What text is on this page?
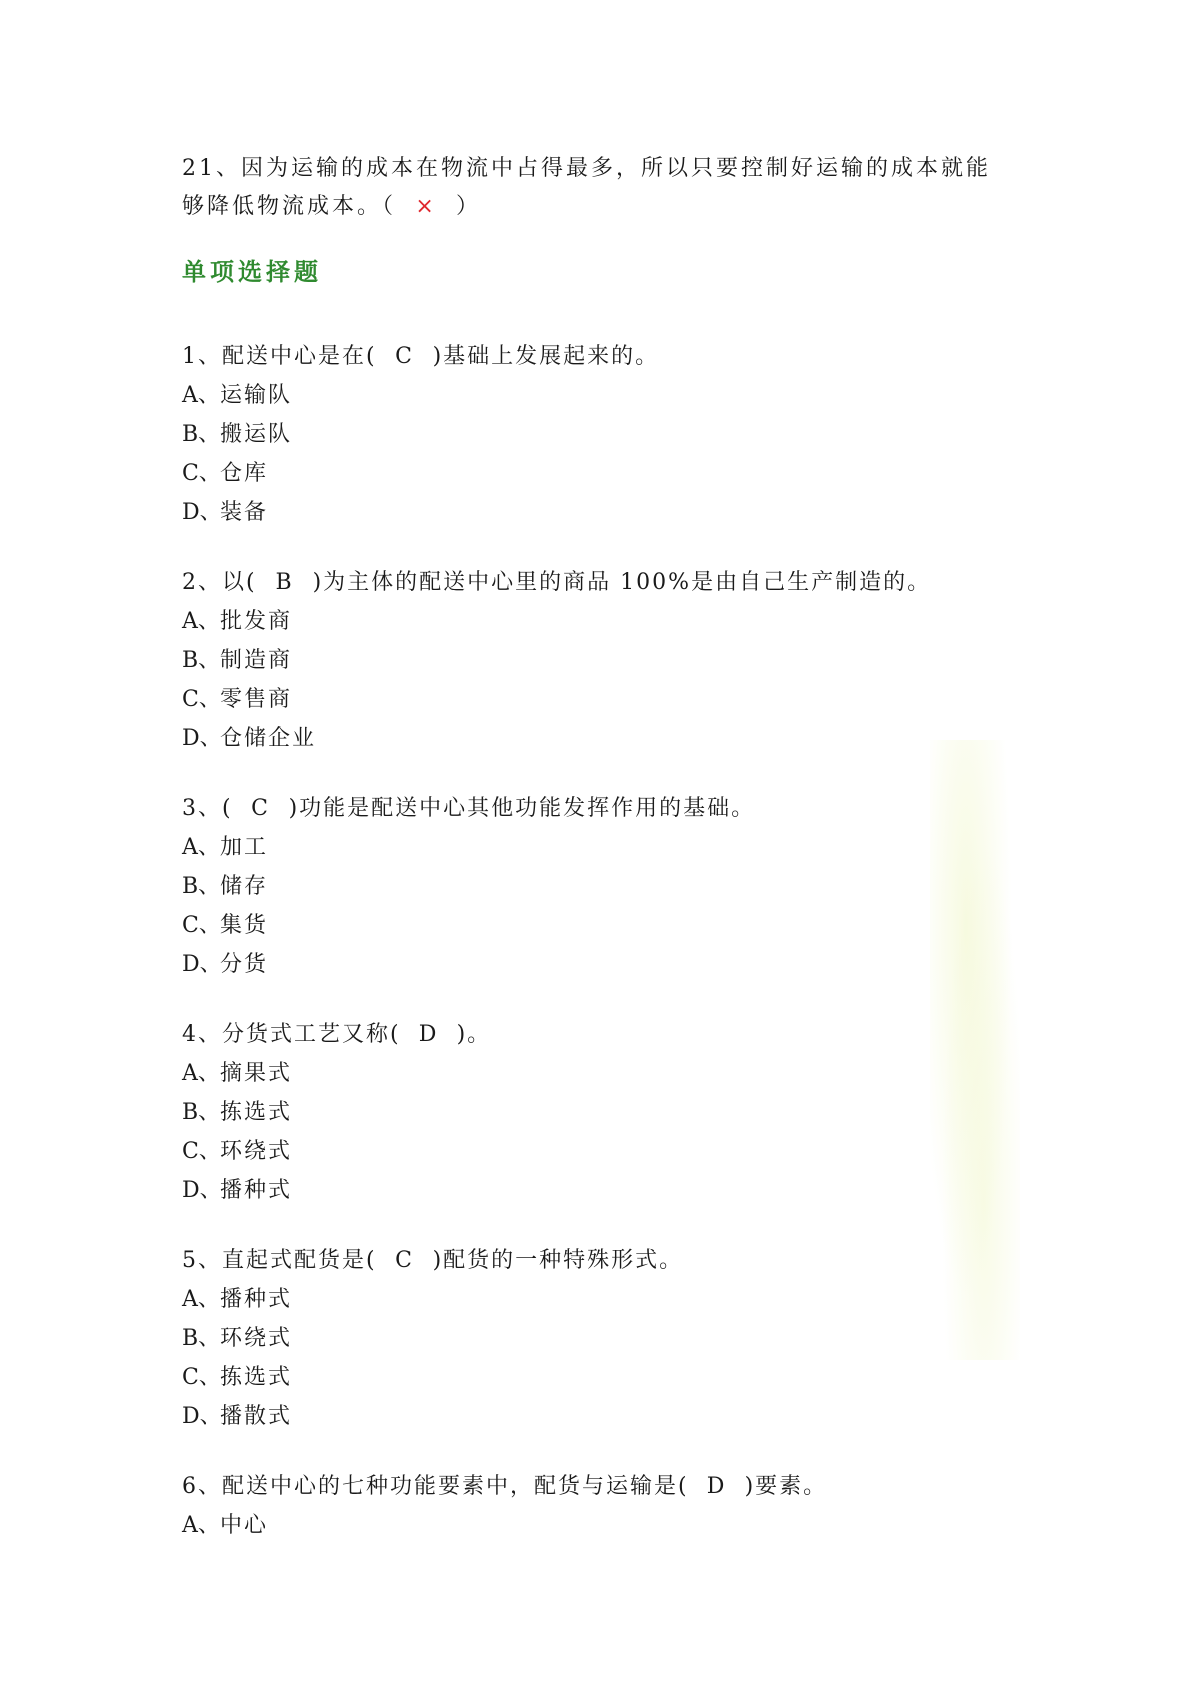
21、因为运输的成本在物流中占得最多，所以只要控制好运输的成本就能够降低物流成本。（ × ）

单项选择题

1、配送中心是在( C )基础上发展起来的。

A、运输队

B、搬运队

C、仓库

D、装备

2、以( B )为主体的配送中心里的商品 100%是由自己生产制造的。

A、批发商

B、制造商

C、零售商

D、仓储企业

3、( C )功能是配送中心其他功能发挥作用的基础。

A、加工

B、储存

C、集货

D、分货

4、分货式工艺又称( D )。

A、摘果式

B、拣选式

C、环绕式

D、播种式

5、直起式配货是( C )配货的一种特殊形式。

A、播种式

B、环绕式

C、拣选式

D、播散式

6、配送中心的七种功能要素中，配货与运输是( D )要素。

A、中心
